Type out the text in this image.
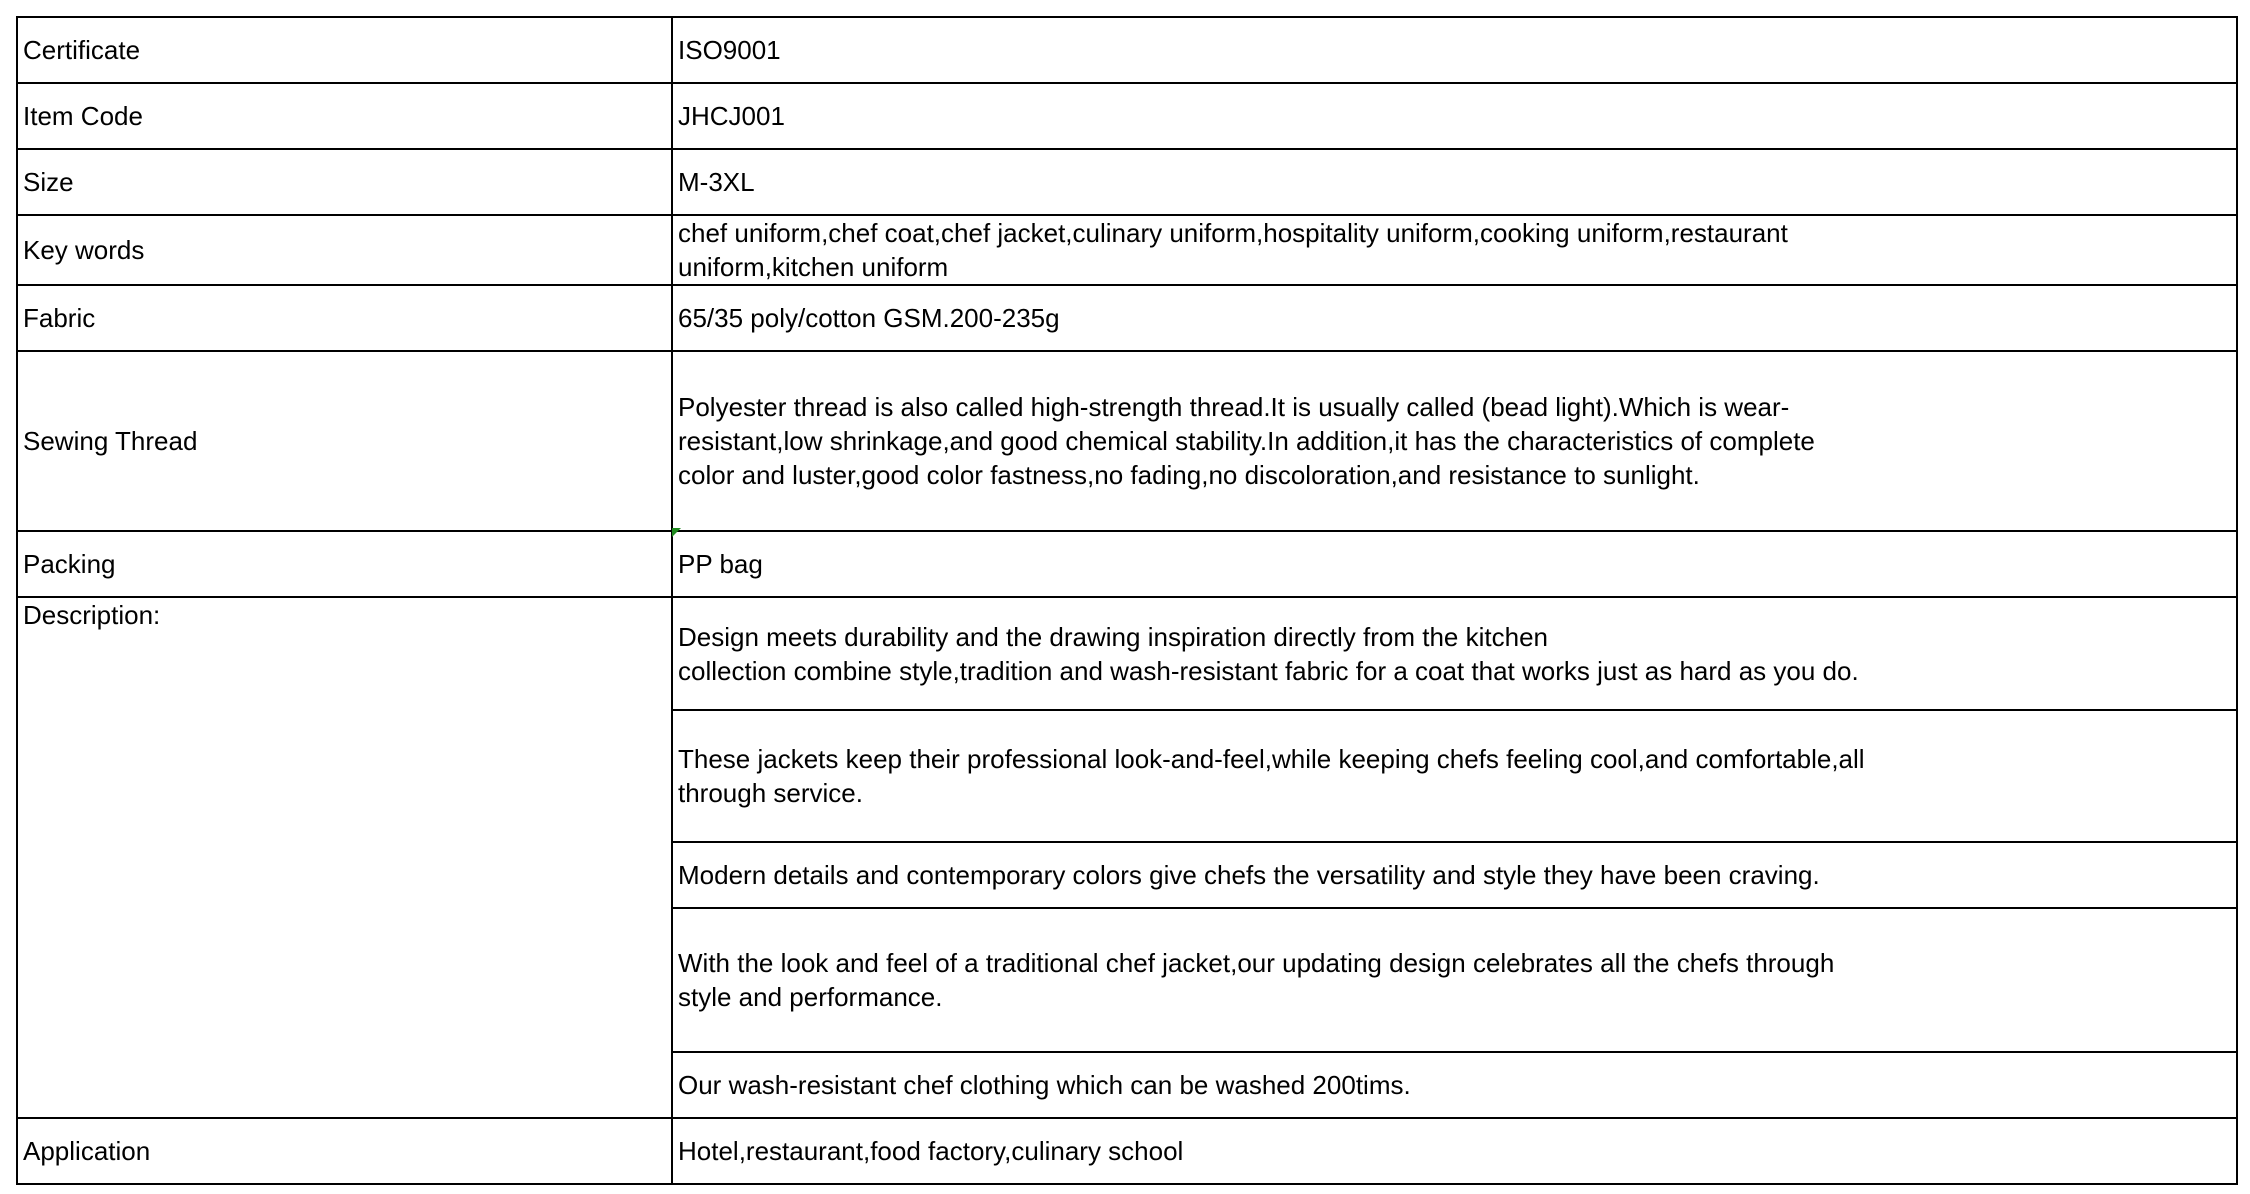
Certificate	ISO9001
Item Code	JHCJ001
Size	M-3XL
Key words	chef uniform,chef coat,chef jacket,culinary uniform,hospitality uniform,cooking uniform,restaurant
uniform,kitchen uniform

Fabric	65/35 poly/cotton GSM.200-235g
Sewing Thread	Polyester thread is also called high-strength thread.It is usually called (bead light).Which is wear-
resistant,low shrinkage,and good chemical stability.In addition,it has the characteristics of complete
color and luster,good color fastness,no fading,no discoloration,and resistance to sunlight.

Packing	PP bag
Description:	Design meets durability and the drawing inspiration directly from the kitchen
collection combine style,tradition and wash-resistant fabric for a coat that works just as hard as you do.

	These jackets keep their professional look-and-feel,while keeping chefs feeling cool,and comfortable,all
through service.

	Modern details and contemporary colors give chefs the versatility and style they have been craving.

	With the look and feel of a traditional chef jacket,our updating design celebrates all the chefs through
style and performance.

	Our wash-resistant chef clothing which can be washed 200tims.

Application	Hotel,restaurant,food factory,culinary school
